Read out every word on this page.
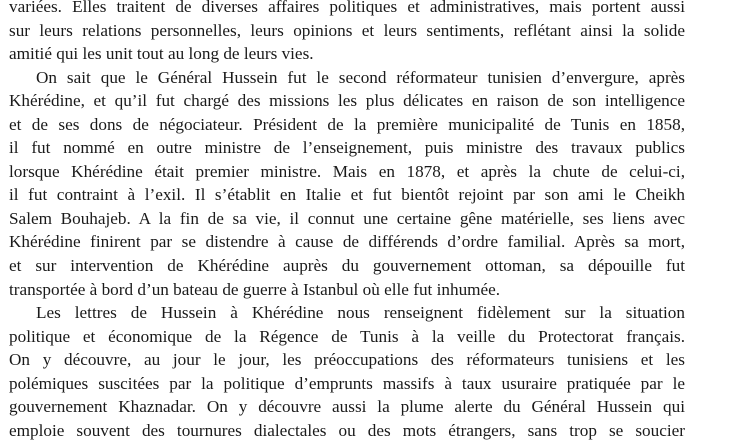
variées. Elles traitent de diverses affaires politiques et administratives, mais portent aussi
sur leurs relations personnelles, leurs opinions et leurs sentiments, reflétant ainsi la solide
amitié qui les unit tout au long de leurs vies.
On sait que le Général Hussein fut le second réformateur tunisien d’envergure, après
Khérédine, et qu’il fut chargé des missions les plus délicates en raison de son intelligence
et de ses dons de négociateur. Président de la première municipalité de Tunis en 1858,
il fut nommé en outre ministre de l’enseignement, puis ministre des travaux publics
lorsque Khérédine était premier ministre. Mais en 1878, et après la chute de celui-ci,
il fut contraint à l’exil. Il s’établit en Italie et fut bientôt rejoint par son ami le Cheikh
Salem Bouhajeb. A la fin de sa vie, il connut une certaine gêne matérielle, ses liens avec
Khérédine finirent par se distendre à cause de différends d’ordre familial. Après sa mort,
et sur intervention de Khérédine auprès du gouvernement ottoman, sa dépouille fut
transportée à bord d’un bateau de guerre à Istanbul où elle fut inhumée.
Les lettres de Hussein à Khérédine nous renseignent fidèlement sur la situation
politique et économique de la Régence de Tunis à la veille du Protectorat français.
On y découvre, au jour le jour, les préoccupations des réformateurs tunisiens et les
polémiques suscitées par la politique d’emprunts massifs à taux usuraire pratiquée par le
gouvernement Khaznadar. On y découvre aussi la plume alerte du Général Hussein qui
emploie souvent des tournures dialectales ou des mots étrangers, sans trop se soucier
